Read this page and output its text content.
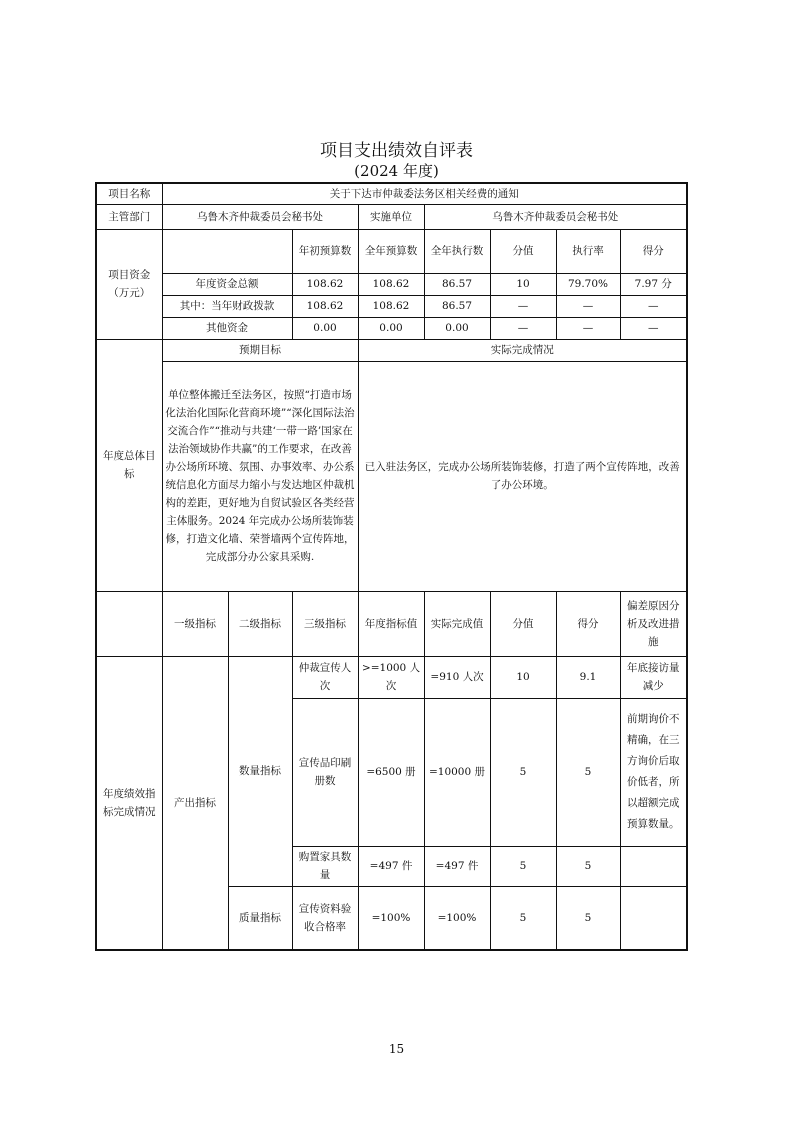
项目支出绩效自评表
(2024 年度)
项目名称	关于下达市仲裁委法务区相关经费的通知							
主管部门	乌鲁木齐仲裁委员会秘书处			实施单位	乌鲁木齐仲裁委员会秘书处			
项目资金（万元）			年初预算数	全年预算数	全年执行数	分值	执行率	得分
	年度资金总额		108.62	108.62	86.57	10	79.70%	7.97 分
	其中：当年财政拨款		108.62	108.62	86.57	—	—	—
	其他资金		0.00	0.00	0.00	—	—	—
年度总体目标	预期目标			实际完成情况				
	单位整体搬迁至法务区，按照“打造市场化法治化国际化营商环境”“深化国际法治交流合作”“推动与共建‘一带一路’国家在法治领域协作共赢”的工作要求，在改善办公场所环境、氛围、办事效率、办公系统信息化方面尽力缩小与发达地区仲裁机构的差距，更好地为自贸试验区各类经营主体服务。2024 年完成办公场所装饰装修，打造文化墙、荣誉墙两个宣传阵地，完成部分办公家具采购.			已入驻法务区，完成办公场所装饰装修，打造了两个宣传阵地，改善了办公环境。				
	一级指标	二级指标	三级指标	年度指标值	实际完成值	分值	得分	偏差原因分析及改进措施
年度绩效指标完成情况	产出指标	数量指标	仲裁宣传人次	>=1000 人次	=910 人次	10	9.1	年底接访量减少
			宣传品印刷册数	=6500 册	=10000 册	5	5	前期询价不精确，在三方询价后取价低者，所以超额完成预算数量。
			购置家具数量	=497 件	=497 件	5	5	
		质量指标	宣传资料验收合格率	=100%	=100%	5	5	
15
